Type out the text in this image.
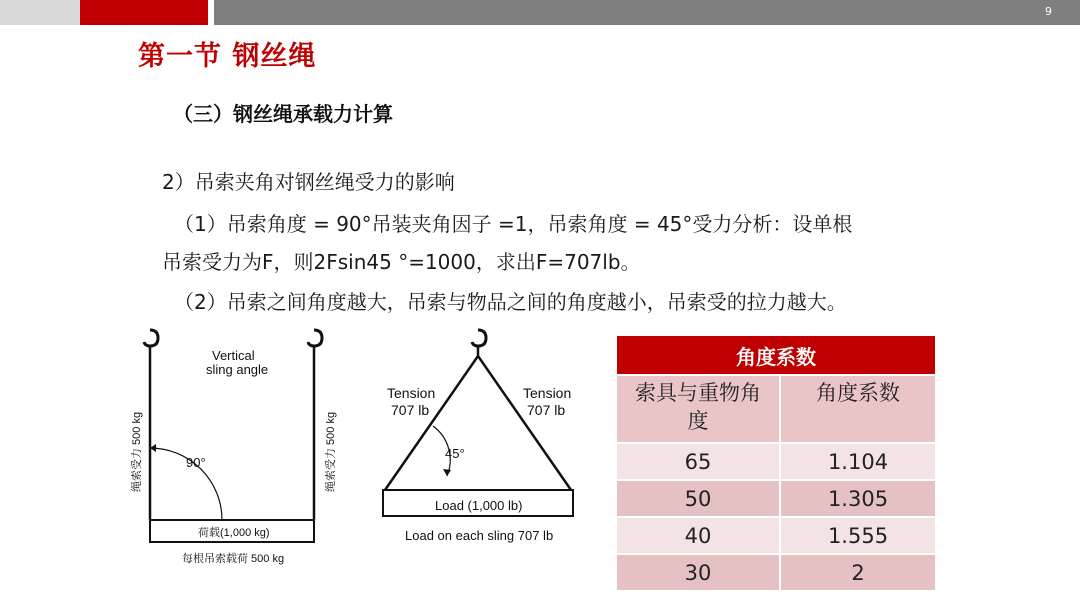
9
第一节 钢丝绳
（三）钢丝绳承载力计算
2）吊索夹角对钢丝绳受力的影响
（1）吊索角度 = 90°吊装夹角因子 =1，吊索角度 = 45°受力分析：设单根
吊索受力为F，则2Fsin45 °=1000，求出F=707lb。
（2）吊索之间角度越大，吊索与物品之间的角度越小，吊索受的拉力越大。
Vertical
sling angle
90°
荷载(1,000 kg)
每根吊索载荷 500 kg
绳索受力 500 kg	绳索受力 500 kg
Tension
707 lb
Tension
707 lb
45°
Load (1,000 lb)
Load on each sling 707 lb
角度系数	
索具与重物角
度	角度系数
65	1.104
50	1.305
40	1.555
30	2
